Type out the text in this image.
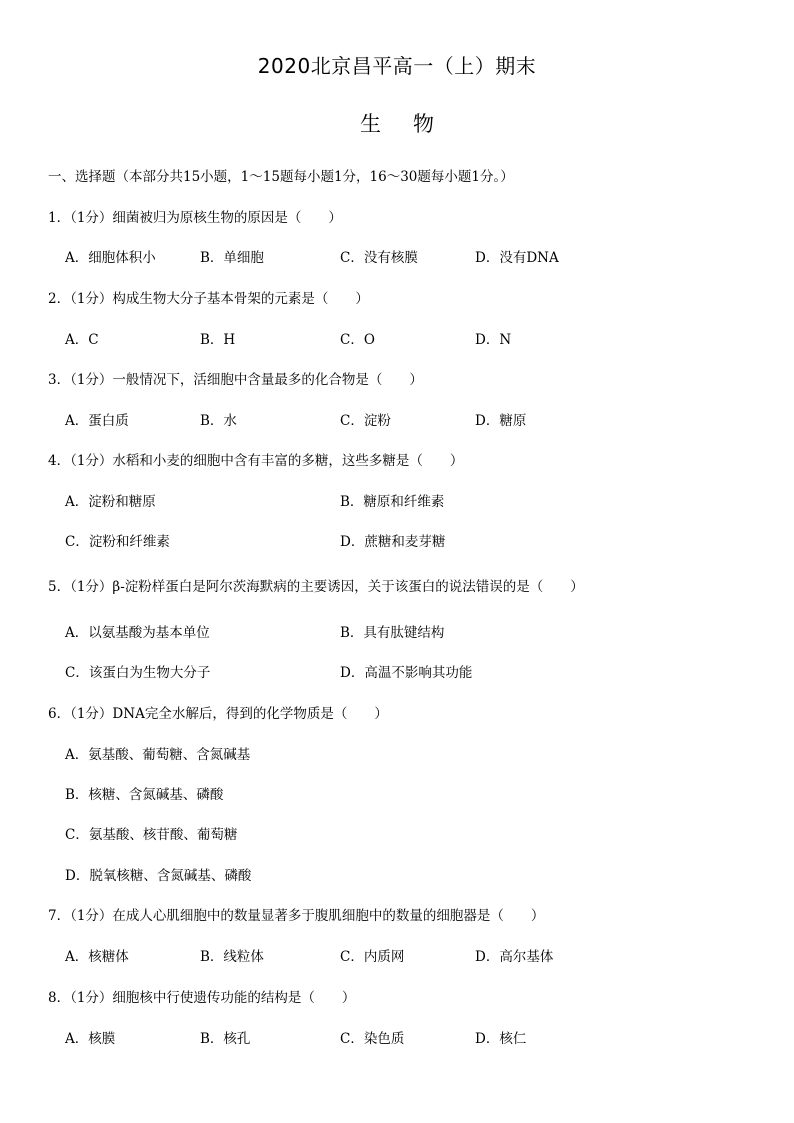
2020北京昌平高一（上）期末
生物
一、选择题（本部分共15小题，1～15题每小题1分，16～30题每小题1分。）
1．（1分）细菌被归为原核生物的原因是（　　）
A．细胞体积小	B．单细胞	C．没有核膜	D．没有DNA
2．（1分）构成生物大分子基本骨架的元素是（　　）
A．C	B．H	C．O	D．N
3．（1分）一般情况下，活细胞中含量最多的化合物是（　　）
A．蛋白质	B．水	C．淀粉	D．糖原
4．（1分）水稻和小麦的细胞中含有丰富的多糖，这些多糖是（　　）
A．淀粉和糖原	B．糖原和纤维素
C．淀粉和纤维素	D．蔗糖和麦芽糖
5．（1分）β-淀粉样蛋白是阿尔茨海默病的主要诱因，关于该蛋白的说法错误的是（　　）
A．以氨基酸为基本单位	B．具有肽键结构
C．该蛋白为生物大分子	D．高温不影响其功能
6．（1分）DNA完全水解后，得到的化学物质是（　　）
A．氨基酸、葡萄糖、含氮碱基
B．核糖、含氮碱基、磷酸
C．氨基酸、核苷酸、葡萄糖
D．脱氧核糖、含氮碱基、磷酸
7．（1分）在成人心肌细胞中的数量显著多于腹肌细胞中的数量的细胞器是（　　）
A．核糖体	B．线粒体	C．内质网	D．高尔基体
8．（1分）细胞核中行使遗传功能的结构是（　　）
A．核膜	B．核孔	C．染色质	D．核仁
